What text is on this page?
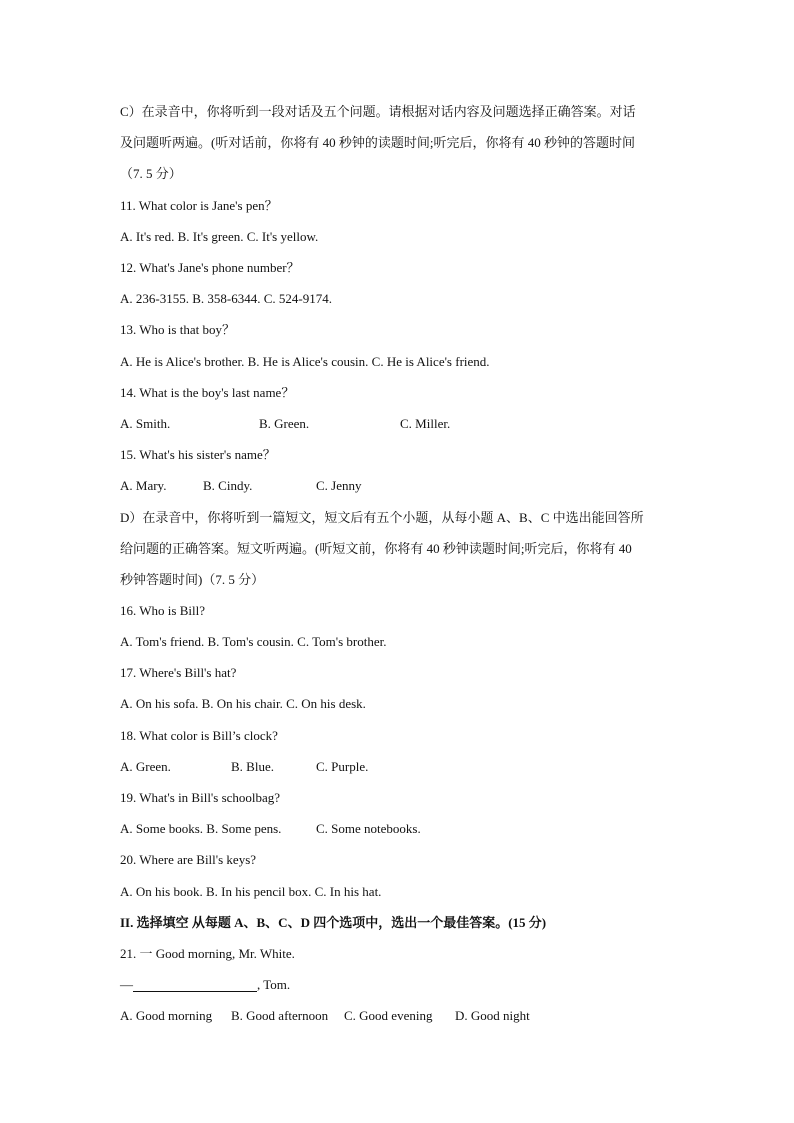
C）在录音中，你将听到一段对话及五个问题。请根据对话内容及问题选择正确答案。对话
及问题听两遍。(听对话前，你将有 40 秒钟的读题时间;听完后，你将有 40 秒钟的答题时间
（7. 5 分）
11. What color is Jane's pen？
A. It's red. B. It's green. C. It's yellow.
12. What's Jane's phone number？
A. 236-3155. B. 358-6344. C. 524-9174.
13. Who is that boy？
A. He is Alice's brother. B. He is Alice's cousin. C. He is Alice's friend.
14. What is the boy's last name？
A. Smith.	B. Green.	C. Miller.
15. What's his sister's name？
A. Mary.	B. Cindy.	C. Jenny
D）在录音中，你将听到一篇短文，短文后有五个小题，从每小题 A、B、C 中选出能回答所
给问题的正确答案。短文听两遍。(听短文前，你将有 40 秒钟读题时间;听完后，你将有 40
秒钟答题时间)（7. 5 分）
16. Who is Bill?
A. Tom's friend. B. Tom's cousin. C. Tom's brother.
17. Where's Bill's hat?
A. On his sofa. B. On his chair. C. On his desk.
18. What color is Bill’s clock?
A. Green.	B. Blue.	C. Purple.
19. What's in Bill's schoolbag?
A. Some books. B. Some pens.	C. Some notebooks.
20. Where are Bill's keys?
A. On his book. B. In his pencil box. C. In his hat.
II. 选择填空 从每题 A、B、C、D 四个选项中，选出一个最佳答案。(15 分)
21. 一 Good morning, Mr. White.
—	, Tom.
A. Good morning B. Good afternoon C. Good evening D. Good night
